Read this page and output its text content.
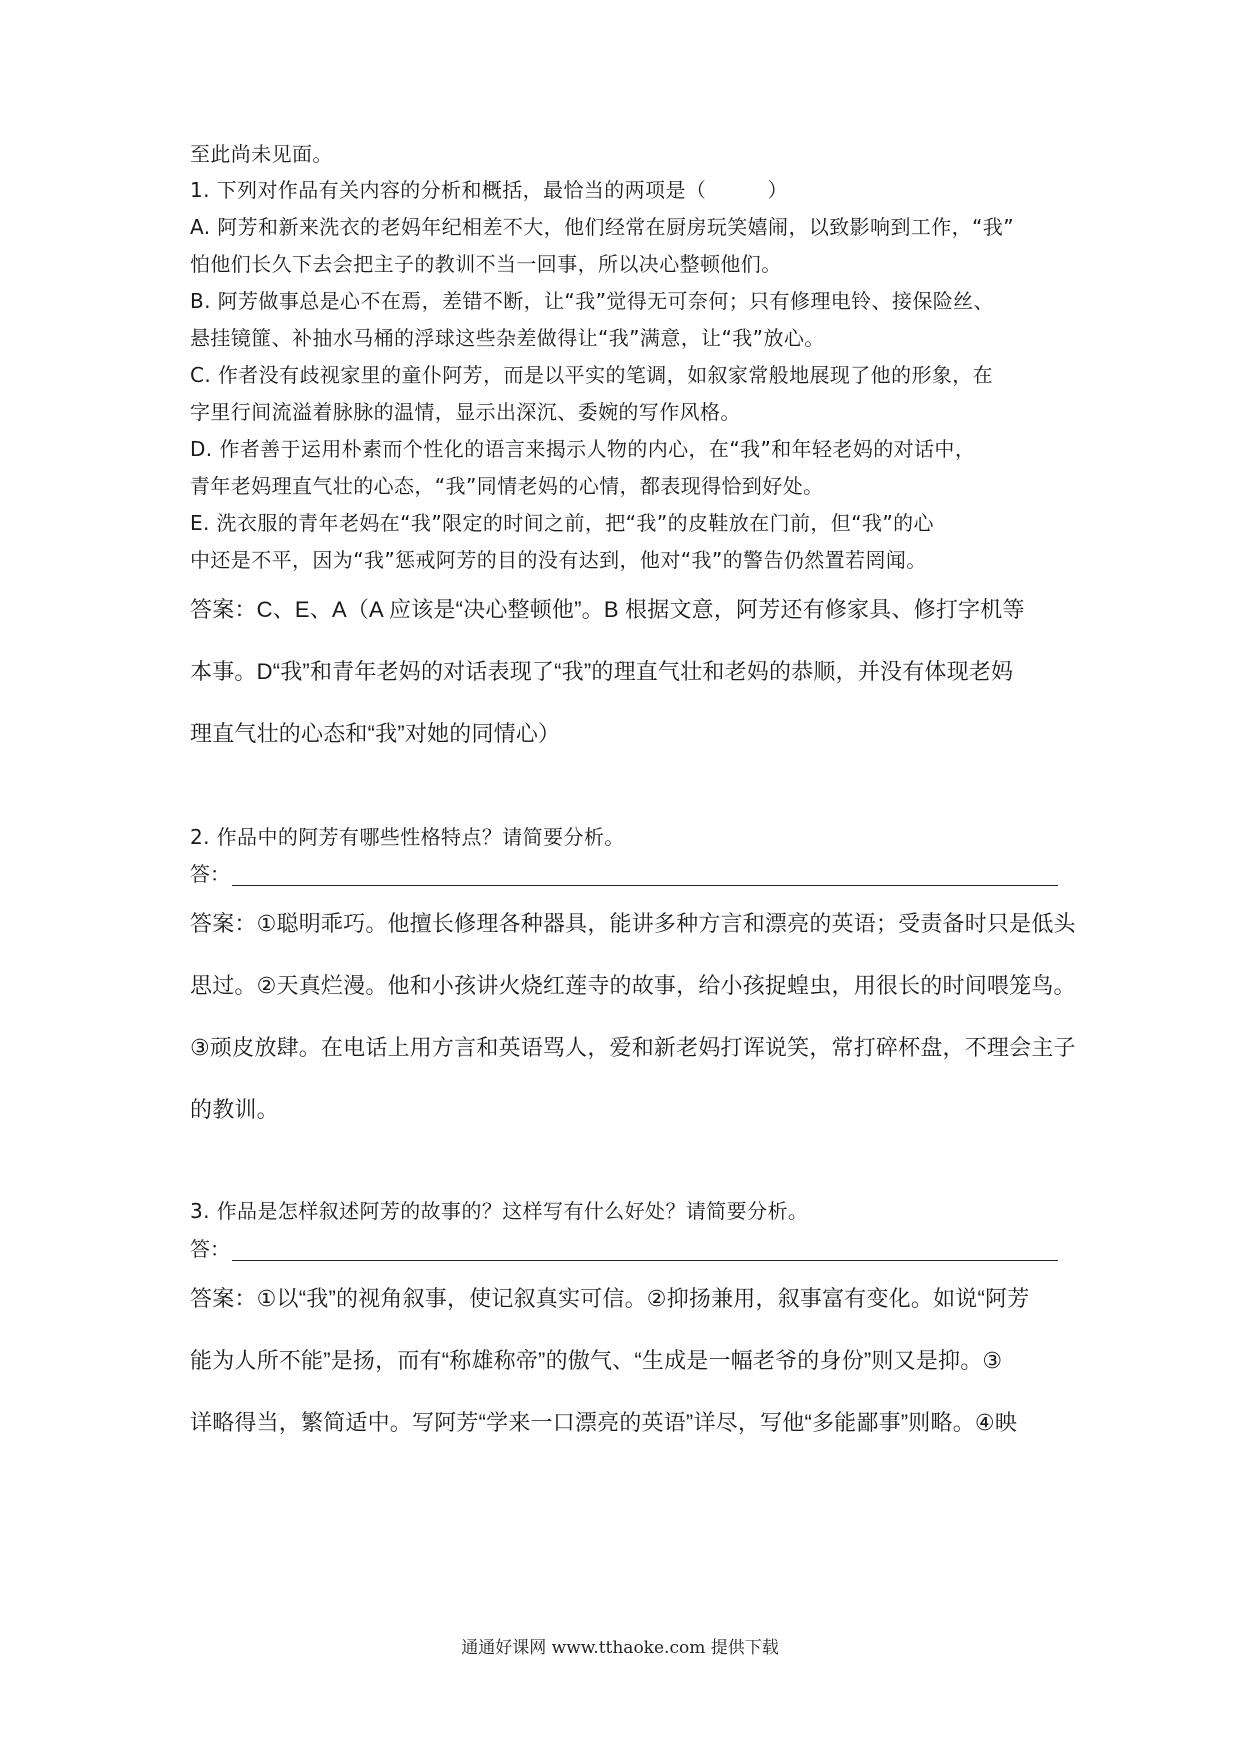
至此尚未见面。
1. 下列对作品有关内容的分析和概括，最恰当的两项是（　　　）
A. 阿芳和新来洗衣的老妈年纪相差不大，他们经常在厨房玩笑嬉闹，以致影响到工作，“我”
怕他们长久下去会把主子的教训不当一回事，所以决心整顿他们。
B. 阿芳做事总是心不在焉，差错不断，让“我”觉得无可奈何；只有修理电铃、接保险丝、
悬挂镜篚、补抽水马桶的浮球这些杂差做得让“我”满意，让“我”放心。
C. 作者没有歧视家里的童仆阿芳，而是以平实的笔调，如叙家常般地展现了他的形象，在
字里行间流溢着脉脉的温情，显示出深沉、委婉的写作风格。
D. 作者善于运用朴素而个性化的语言来揭示人物的内心，在“我”和年轻老妈的对话中，
青年老妈理直气壮的心态，“我”同情老妈的心情，都表现得恰到好处。
E. 洗衣服的青年老妈在“我”限定的时间之前，把“我”的皮鞋放在门前，但“我”的心
中还是不平，因为“我”惩戒阿芳的目的没有达到，他对“我”的警告仍然置若罔闻。
答案：C、E、A（A 应该是“决心整顿他”。B 根据文意，阿芳还有修家具、修打字机等
本事。D“我”和青年老妈的对话表现了“我”的理直气壮和老妈的恭顺，并没有体现老妈
理直气壮的心态和“我”对她的同情心）
2. 作品中的阿芳有哪些性格特点？请简要分析。
答：
答案：①聪明乖巧。他擅长修理各种器具，能讲多种方言和漂亮的英语；受责备时只是低头
思过。②天真烂漫。他和小孩讲火烧红莲寺的故事，给小孩捉蝗虫，用很长的时间喂笼鸟。
③顽皮放肆。在电话上用方言和英语骂人，爱和新老妈打诨说笑，常打碎杯盘，不理会主子
的教训。
3. 作品是怎样叙述阿芳的故事的？这样写有什么好处？请简要分析。
答：
答案：①以“我”的视角叙事，使记叙真实可信。②抑扬兼用，叙事富有变化。如说“阿芳
能为人所不能”是扬，而有“称雄称帝”的傲气、“生成是一幅老爷的身份”则又是抑。③
详略得当，繁简适中。写阿芳“学来一口漂亮的英语”详尽，写他“多能鄙事”则略。④映
通通好课网 www.tthaoke.com 提供下载
